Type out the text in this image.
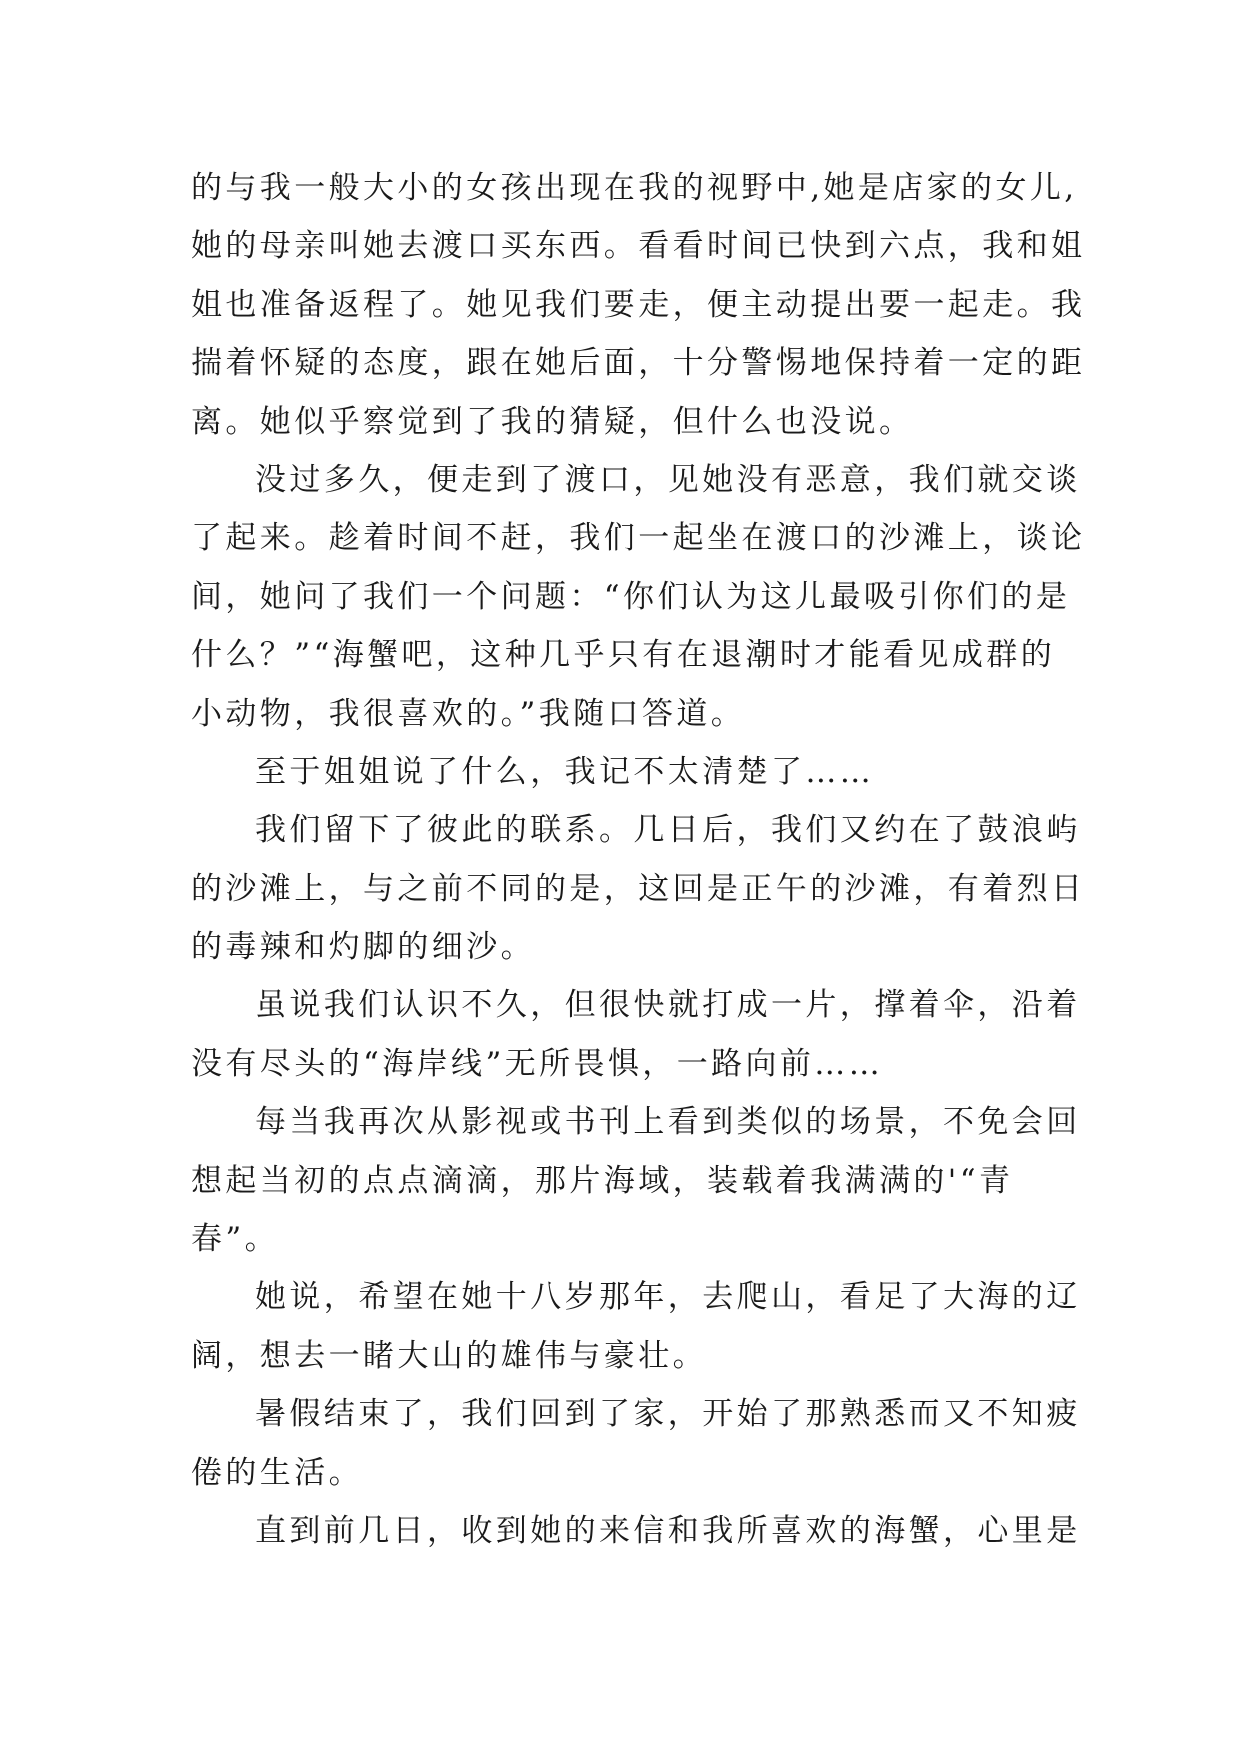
的与我一般大小的女孩出现在我的视野中,她是店家的女儿,
她的母亲叫她去渡口买东西。看看时间已快到六点，我和姐
姐也准备返程了。她见我们要走，便主动提出要一起走。我
揣着怀疑的态度，跟在她后面，十分警惕地保持着一定的距
离。她似乎察觉到了我的猜疑，但什么也没说。
没过多久，便走到了渡口，见她没有恶意，我们就交谈
了起来。趁着时间不赶，我们一起坐在渡口的沙滩上，谈论
间，她问了我们一个问题：“你们认为这儿最吸引你们的是
什么？”“海蟹吧，这种几乎只有在退潮时才能看见成群的
小动物，我很喜欢的。”我随口答道。
至于姐姐说了什么，我记不太清楚了……
我们留下了彼此的联系。几日后，我们又约在了鼓浪屿
的沙滩上，与之前不同的是，这回是正午的沙滩，有着烈日
的毒辣和灼脚的细沙。
虽说我们认识不久，但很快就打成一片，撑着伞，沿着
没有尽头的“海岸线”无所畏惧，一路向前……
每当我再次从影视或书刊上看到类似的场景，不免会回
想起当初的点点滴滴，那片海域，装载着我满满的'“青
春”。
她说，希望在她十八岁那年，去爬山，看足了大海的辽
阔，想去一睹大山的雄伟与豪壮。
暑假结束了，我们回到了家，开始了那熟悉而又不知疲
倦的生活。
直到前几日，收到她的来信和我所喜欢的海蟹，心里是
